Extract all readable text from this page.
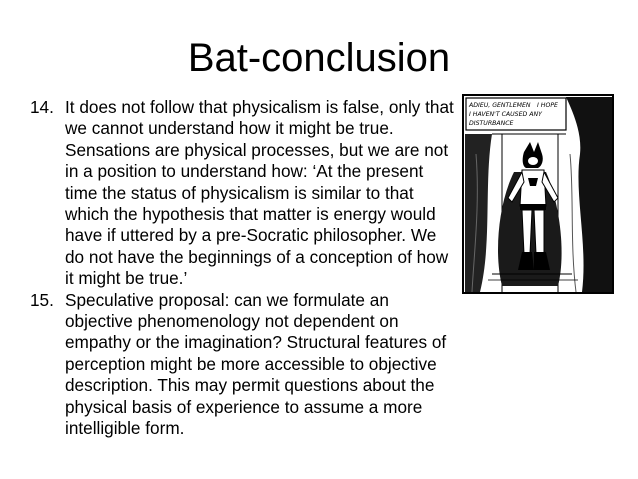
Bat-conclusion
14. It does not follow that physicalism is false, only that we cannot understand how it might be true. Sensations are physical processes, but we are not in a position to understand how: ‘At the present time the status of physicalism is similar to that which the hypothesis that matter is energy would have if uttered by a pre-Socratic philosopher. We do not have the beginnings of a conception of how it might be true.’
15. Speculative proposal: can we formulate an objective phenomenology not dependent on empathy or the imagination? Structural features of perception might be more accessible to objective description. This may permit questions about the physical basis of experience to assume a more intelligible form.
ADIEU, GENTLEMEN I HOPE
I HAVEN'T CAUSED ANY
DISTURBANCE
